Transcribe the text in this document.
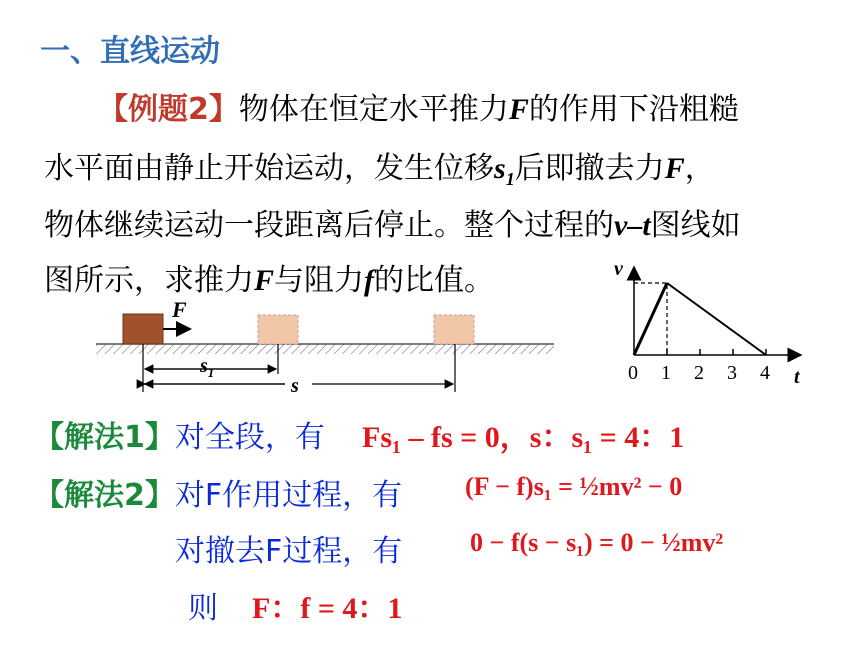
一、直线运动
【例题2】物体在恒定水平推力F的作用下沿粗糙
水平面由静止开始运动，发生位移$s_1$后即撤去力F，
物体继续运动一段距离后停止。整个过程的v–t图线如
图所示，求推力F与阻力f的比值。
F
$s_1$
s
v
t
0 1 2 3 4
【解法1】对全段，有 Fs₁ – fs = 0，s：s₁ = 4：1
【解法2】对F作用过程，有 (F − f)s₁ = ½mv² − 0
对撤去F过程，有	0 − f(s − s₁) = 0 − ½mv²
则 F：f = 4：1
